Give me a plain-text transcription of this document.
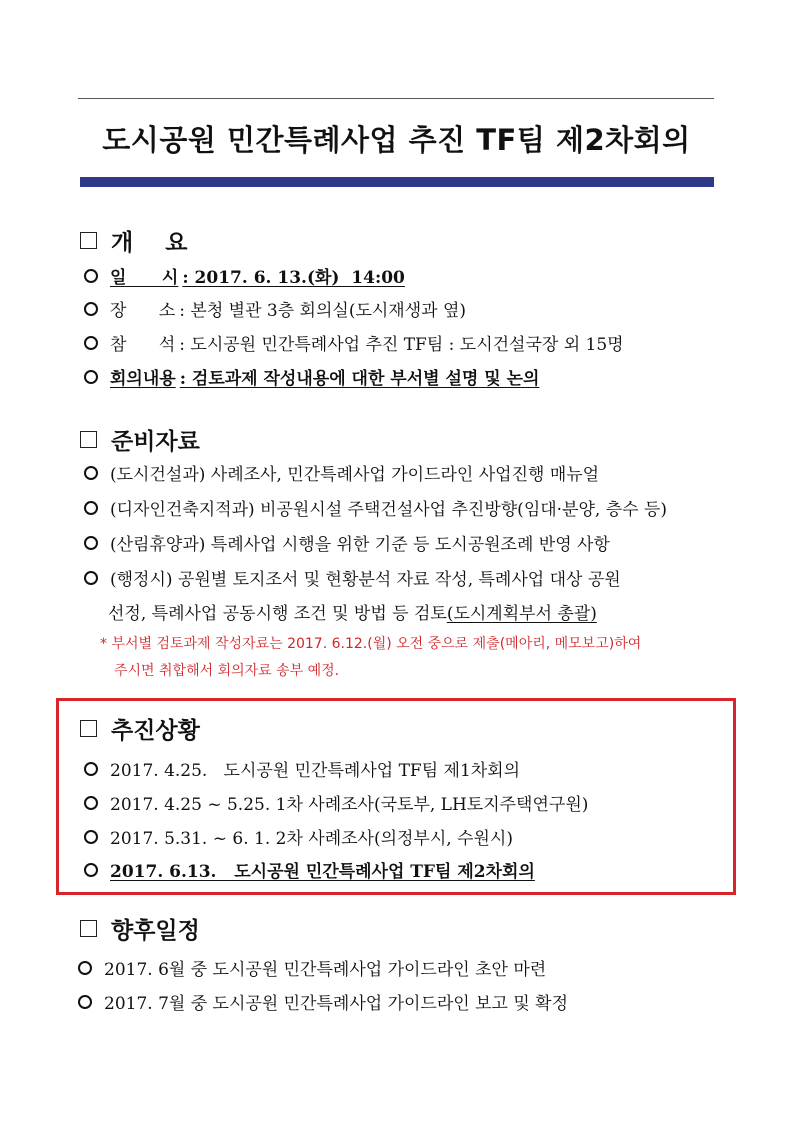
도시공원 민간특례사업 추진 TF팀 제2차회의
개    요
일      시 : 2017. 6. 13.(화)  14:00
장      소 : 본청 별관 3층 회의실(도시재생과 옆)
참      석 : 도시공원 민간특례사업 추진 TF팀 : 도시건설국장 외 15명
회의내용 : 검토과제 작성내용에 대한 부서별 설명 및 논의
준비자료
(도시건설과) 사례조사, 민간특례사업 가이드라인 사업진행 매뉴얼
(디자인건축지적과) 비공원시설 주택건설사업 추진방향(임대·분양, 층수 등)
(산림휴양과) 특례사업 시행을 위한 기준 등 도시공원조례 반영 사항
(행정시) 공원별 토지조서 및 현황분석 자료 작성, 특례사업 대상 공원
선정, 특례사업 공동시행 조건 및 방법 등 검토(도시계획부서 총괄)
* 부서별 검토과제 작성자료는 2017. 6.12.(월) 오전 중으로 제출(메아리, 메모보고)하여
주시면 취합해서 회의자료 송부 예정.
추진상황
2017. 4.25.   도시공원 민간특례사업 TF팀 제1차회의
2017. 4.25 ~ 5.25. 1차 사례조사(국토부, LH토지주택연구원)
2017. 5.31. ~ 6. 1. 2차 사례조사(의정부시, 수원시)
2017. 6.13.   도시공원 민간특례사업 TF팀 제2차회의
향후일정
2017. 6월 중 도시공원 민간특례사업 가이드라인 초안 마련
2017. 7월 중 도시공원 민간특례사업 가이드라인 보고 및 확정
